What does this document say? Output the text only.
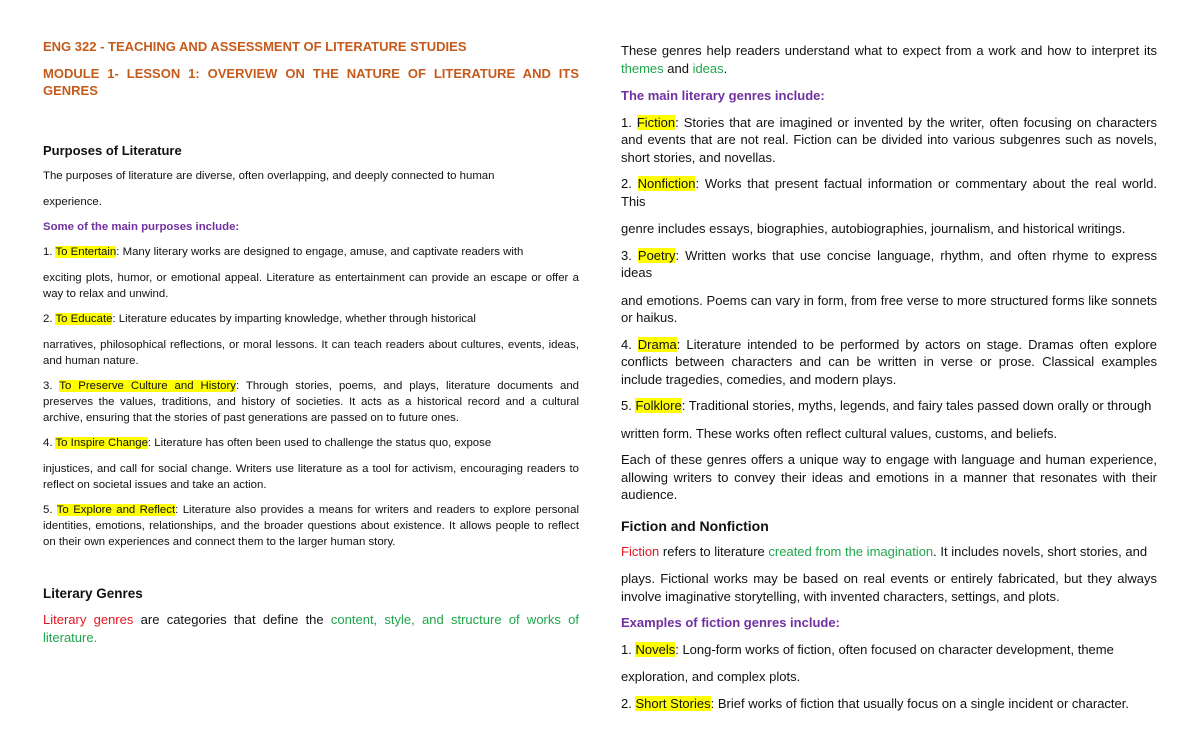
ENG 322 - TEACHING AND ASSESSMENT OF LITERATURE STUDIES

MODULE 1- LESSON 1: OVERVIEW ON THE NATURE OF LITERATURE AND ITS GENRES

Purposes of Literature

The purposes of literature are diverse, often overlapping, and deeply connected to human

experience.

Some of the main purposes include:

1. To Entertain: Many literary works are designed to engage, amuse, and captivate readers with

exciting plots, humor, or emotional appeal. Literature as entertainment can provide an escape or offer a way to relax and unwind.

2. To Educate: Literature educates by imparting knowledge, whether through historical

narratives, philosophical reflections, or moral lessons. It can teach readers about cultures, events, ideas, and human nature.

3. To Preserve Culture and History: Through stories, poems, and plays, literature documents and preserves the values, traditions, and history of societies. It acts as a historical record and a cultural archive, ensuring that the stories of past generations are passed on to future ones.

4. To Inspire Change: Literature has often been used to challenge the status quo, expose

injustices, and call for social change. Writers use literature as a tool for activism, encouraging readers to reflect on societal issues and take an action.

5. To Explore and Reflect: Literature also provides a means for writers and readers to explore personal identities, emotions, relationships, and the broader questions about existence. It allows people to reflect on their own experiences and connect them to the larger human story.

Literary Genres

Literary genres are categories that define the content, style, and structure of works of literature.

These genres help readers understand what to expect from a work and how to interpret its themes and ideas.

The main literary genres include:

1. Fiction: Stories that are imagined or invented by the writer, often focusing on characters and events that are not real. Fiction can be divided into various subgenres such as novels, short stories, and novellas.

2. Nonfiction: Works that present factual information or commentary about the real world. This

genre includes essays, biographies, autobiographies, journalism, and historical writings.

3. Poetry: Written works that use concise language, rhythm, and often rhyme to express ideas

and emotions. Poems can vary in form, from free verse to more structured forms like sonnets or haikus.

4. Drama: Literature intended to be performed by actors on stage. Dramas often explore conflicts between characters and can be written in verse or prose. Classical examples include tragedies, comedies, and modern plays.

5. Folklore: Traditional stories, myths, legends, and fairy tales passed down orally or through

written form. These works often reflect cultural values, customs, and beliefs.

Each of these genres offers a unique way to engage with language and human experience, allowing writers to convey their ideas and emotions in a manner that resonates with their audience.

Fiction and Nonfiction

Fiction refers to literature created from the imagination. It includes novels, short stories, and

plays. Fictional works may be based on real events or entirely fabricated, but they always involve imaginative storytelling, with invented characters, settings, and plots.

Examples of fiction genres include:

1. Novels: Long-form works of fiction, often focused on character development, theme

exploration, and complex plots.

2. Short Stories: Brief works of fiction that usually focus on a single incident or character.
